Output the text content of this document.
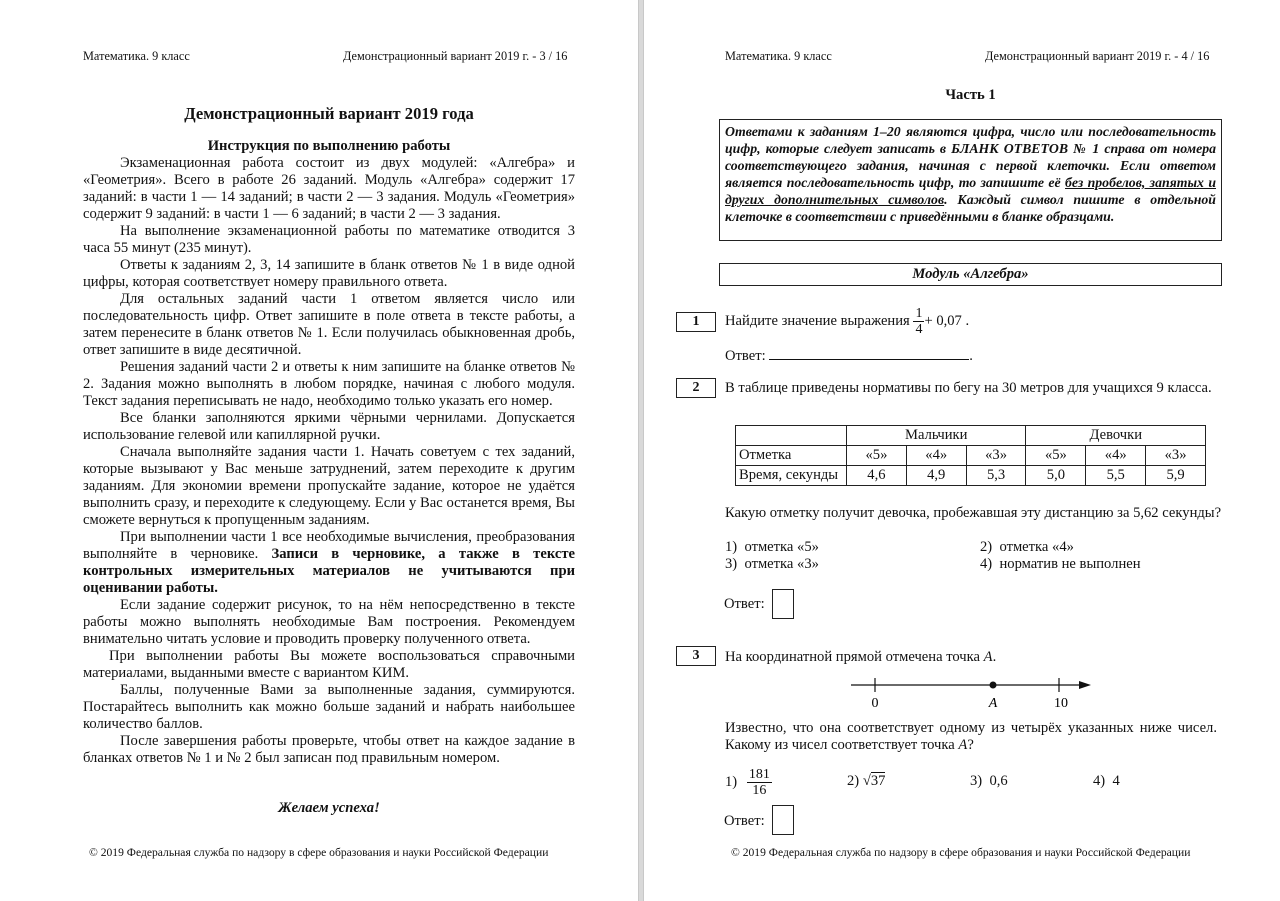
Математика. 9 класс	Демонстрационный вариант 2019 г. - 3 / 16
Демонстрационный вариант 2019 года
Инструкция по выполнению работы

Экзаменационная работа состоит из двух модулей: «Алгебра» и «Геометрия». Всего в работе 26 заданий. Модуль «Алгебра» содержит 17 заданий: в части 1 — 14 заданий; в части 2 — 3 задания. Модуль «Геометрия» содержит 9 заданий: в части 1 — 6 заданий; в части 2 — 3 задания.

На выполнение экзаменационной работы по математике отводится 3 часа 55 минут (235 минут).

Ответы к заданиям 2, 3, 14 запишите в бланк ответов № 1 в виде одной цифры, которая соответствует номеру правильного ответа.

Для остальных заданий части 1 ответом является число или последовательность цифр. Ответ запишите в поле ответа в тексте работы, а затем перенесите в бланк ответов № 1. Если получилась обыкновенная дробь, ответ запишите в виде десятичной.

Решения заданий части 2 и ответы к ним запишите на бланке ответов № 2. Задания можно выполнять в любом порядке, начиная с любого модуля. Текст задания переписывать не надо, необходимо только указать его номер.

Все бланки заполняются яркими чёрными чернилами. Допускается использование гелевой или капиллярной ручки.

Сначала выполняйте задания части 1. Начать советуем с тех заданий, которые вызывают у Вас меньше затруднений, затем переходите к другим заданиям. Для экономии времени пропускайте задание, которое не удаётся выполнить сразу, и переходите к следующему. Если у Вас останется время, Вы сможете вернуться к пропущенным заданиям.

При выполнении части 1 все необходимые вычисления, преобразования выполняйте в черновике. Записи в черновике, а также в тексте контрольных измерительных материалов не учитываются при оценивании работы.

Если задание содержит рисунок, то на нём непосредственно в тексте работы можно выполнять необходимые Вам построения. Рекомендуем внимательно читать условие и проводить проверку полученного ответа.

При выполнении работы Вы можете воспользоваться справочными материалами, выданными вместе с вариантом КИМ.

Баллы, полученные Вами за выполненные задания, суммируются. Постарайтесь выполнить как можно больше заданий и набрать наибольшее количество баллов.

После завершения работы проверьте, чтобы ответ на каждое задание в бланках ответов № 1 и № 2 был записан под правильным номером.

Желаем успеха!
© 2019 Федеральная служба по надзору в сфере образования и науки Российской Федерации
Математика. 9 класс	Демонстрационный вариант 2019 г. - 4 / 16
Часть 1
Ответами к заданиям 1–20 являются цифра, число или последовательность цифр, которые следует записать в БЛАНК ОТВЕТОВ № 1 справа от номера соответствующего задания, начиная с первой клеточки. Если ответом является последовательность цифр, то запишите её без пробелов, запятых и других дополнительных символов. Каждый символ пишите в отдельной клеточке в соответствии с приведёнными в бланке образцами.
Модуль «Алгебра»
1	Найдите значение выражения $\frac{1}{4} + 0,07$ .
Ответ:	.
2	В таблице приведены нормативы по бегу на 30 метров для учащихся 9 класса.
	Мальчики			Девочки		
Отметка	«5»	«4»	«3»	«5»	«4»	«3»
Время, секунды	4,6	4,9	5,3	5,0	5,5	5,9
Какую отметку получит девочка, пробежавшая эту дистанцию за 5,62 секунды?
1) отметка «5»	2) отметка «4»
3) отметка «3»	4) норматив не выполнен
Ответ:
3	На координатной прямой отмечена точка A.
0	A	10
Известно, что она соответствует одному из четырёх указанных ниже чисел. Какому из чисел соответствует точка A?
$1) \frac{181}{16}$	2) √37	3) 0,6	4) 4
Ответ:
© 2019 Федеральная служба по надзору в сфере образования и науки Российской Федерации
